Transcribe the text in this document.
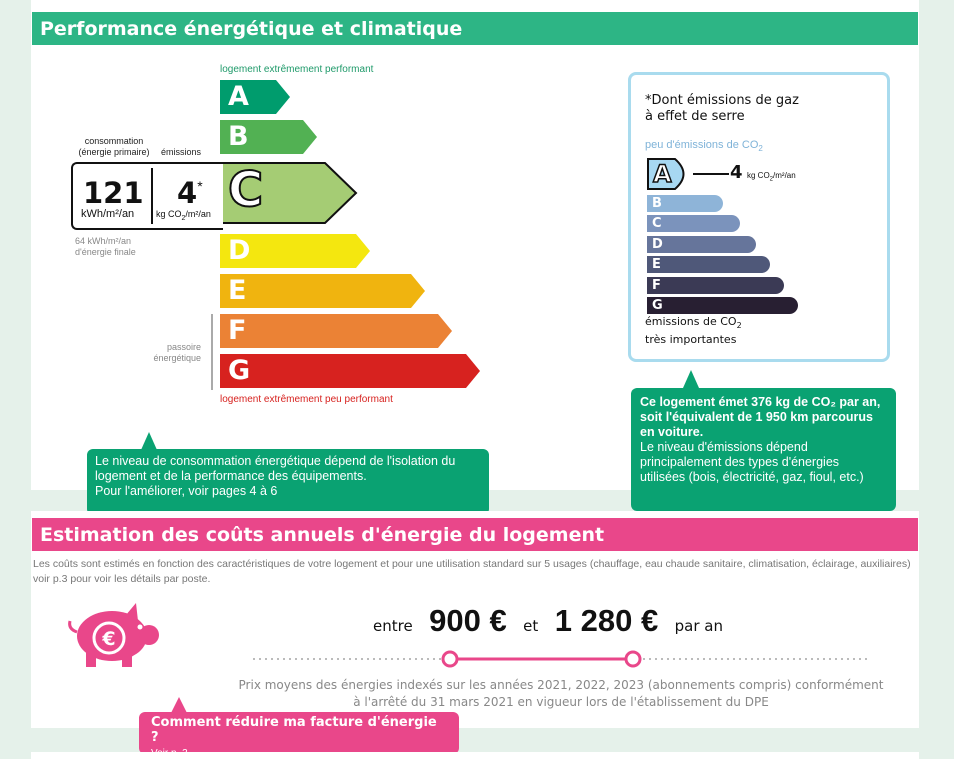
Performance énergétique et climatique
logement extrêmement performant
A
B
C
D
E
F
G
logement extrêmement peu performant
consommation
(énergie primaire)	émissions
121
kWh/m²/an
4*
kg $CO_2/m^2/an$
64 kWh/m²/an
d'énergie finale
passoire
énergétique
Le niveau de consommation énergétique dépend de l'isolation du logement et de la performance des équipements.
Pour l'améliorer, voir pages 4 à 6
*Dont émissions de gaz
à effet de serre
peu d'émissions de $CO_2$
A
B
C
D
E
F
G
4 kg $CO_2/m^2/an$
émissions de $CO_2$
très importantes
Ce logement émet 376 kg de CO₂ par an, soit l'équivalent de 1 950 km parcourus en voiture.
Le niveau d'émissions dépend principalement des types d'énergies utilisées (bois, électricité, gaz, fioul, etc.)
Estimation des coûts annuels d'énergie du logement
Les coûts sont estimés en fonction des caractéristiques de votre logement et pour une utilisation standard sur 5 usages (chauffage, eau chaude sanitaire, climatisation, éclairage, auxiliaires) voir p.3 pour voir les détails par poste.
€
entre 900 € et 1 280 € par an
Prix moyens des énergies indexés sur les années 2021, 2022, 2023 (abonnements compris) conformément
à l'arrêté du 31 mars 2021 en vigueur lors de l'établissement du DPE
Comment réduire ma facture d'énergie ?
